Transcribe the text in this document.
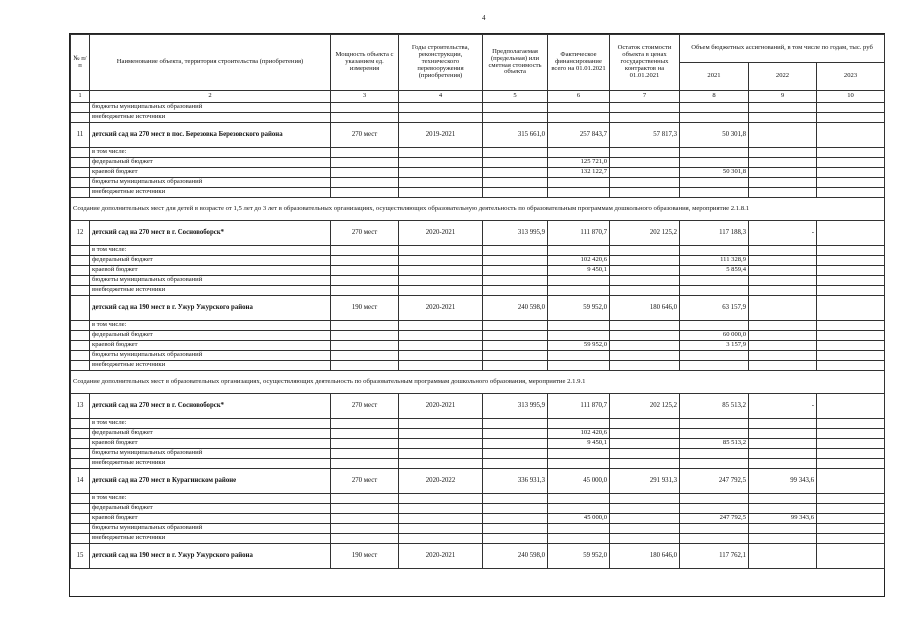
4
№ п/п	Наименование объекта, территория строительства (приобретения)	Мощность объекта с указанием ед. измерения	Годы строительства, реконструкции, технического перевооружения (приобретения)	Предполагаемая (предельная) или сметная стоимость объекта	Фактическое финансирование всего на 01.01.2021	Остаток стоимости объекта в ценах государственных контрактов на 01.01.2021	Объем бюджетных ассигнований, в том числе по годам, тыс. руб		
							2021	2022	2023
1	2	3	4	5	6	7	8	9	10
	бюджеты муниципальных образований								
	внебюджетные источники								
11	детский сад на 270 мест в пос. Березовка Березовского района	270 мест	2019-2021	315 661,0	257 843,7	57 817,3	50 301,8		
	в том числе:								
	федеральный бюджет				125 721,0				
	краевой бюджет				132 122,7		50 301,8		
	бюджеты муниципальных образований								
	внебюджетные источники								
Создание дополнительных мест для детей в возрасте от 1,5 лет до 3 лет в образовательных организациях, осуществляющих образовательную деятельность по образовательным программам дошкольного образования, мероприятие 2.1.8.1									
12	детский сад на 270 мест в г. Сосновоборск*	270 мест	2020-2021	313 995,9	111 870,7	202 125,2	117 188,3	-	
	в том числе:								
	федеральный бюджет				102 420,6		111 328,9		
	краевой бюджет				9 450,1		5 859,4		
	бюджеты муниципальных образований								
	внебюджетные источники								
	детский сад на 190 мест в г. Ужур Ужурского района	190 мест	2020-2021	240 598,0	59 952,0	180 646,0	63 157,9		
	в том числе:								
	федеральный бюджет						60 000,0		
	краевой бюджет				59 952,0		3 157,9		
	бюджеты муниципальных образований								
	внебюджетные источники								
Создание дополнительных мест в образовательных организациях, осуществляющих деятельность по образовательным программам дошкольного образования, мероприятие 2.1.9.1									
13	детский сад на 270 мест в г. Сосновоборск*	270 мест	2020-2021	313 995,9	111 870,7	202 125,2	85 513,2	-	
	в том числе:								
	федеральный бюджет				102 420,6				
	краевой бюджет				9 450,1		85 513,2		
	бюджеты муниципальных образований								
	внебюджетные источники								
14	детский сад на 270 мест в Курагинском районе	270 мест	2020-2022	336 931,3	45 000,0	291 931,3	247 792,5	99 343,6	
	в том числе:								
	федеральный бюджет								
	краевой бюджет				45 000,0		247 792,5	99 343,6	
	бюджеты муниципальных образований								
	внебюджетные источники								
15	детский сад на 190 мест в г. Ужур Ужурского района	190 мест	2020-2021	240 598,0	59 952,0	180 646,0	117 762,1		
